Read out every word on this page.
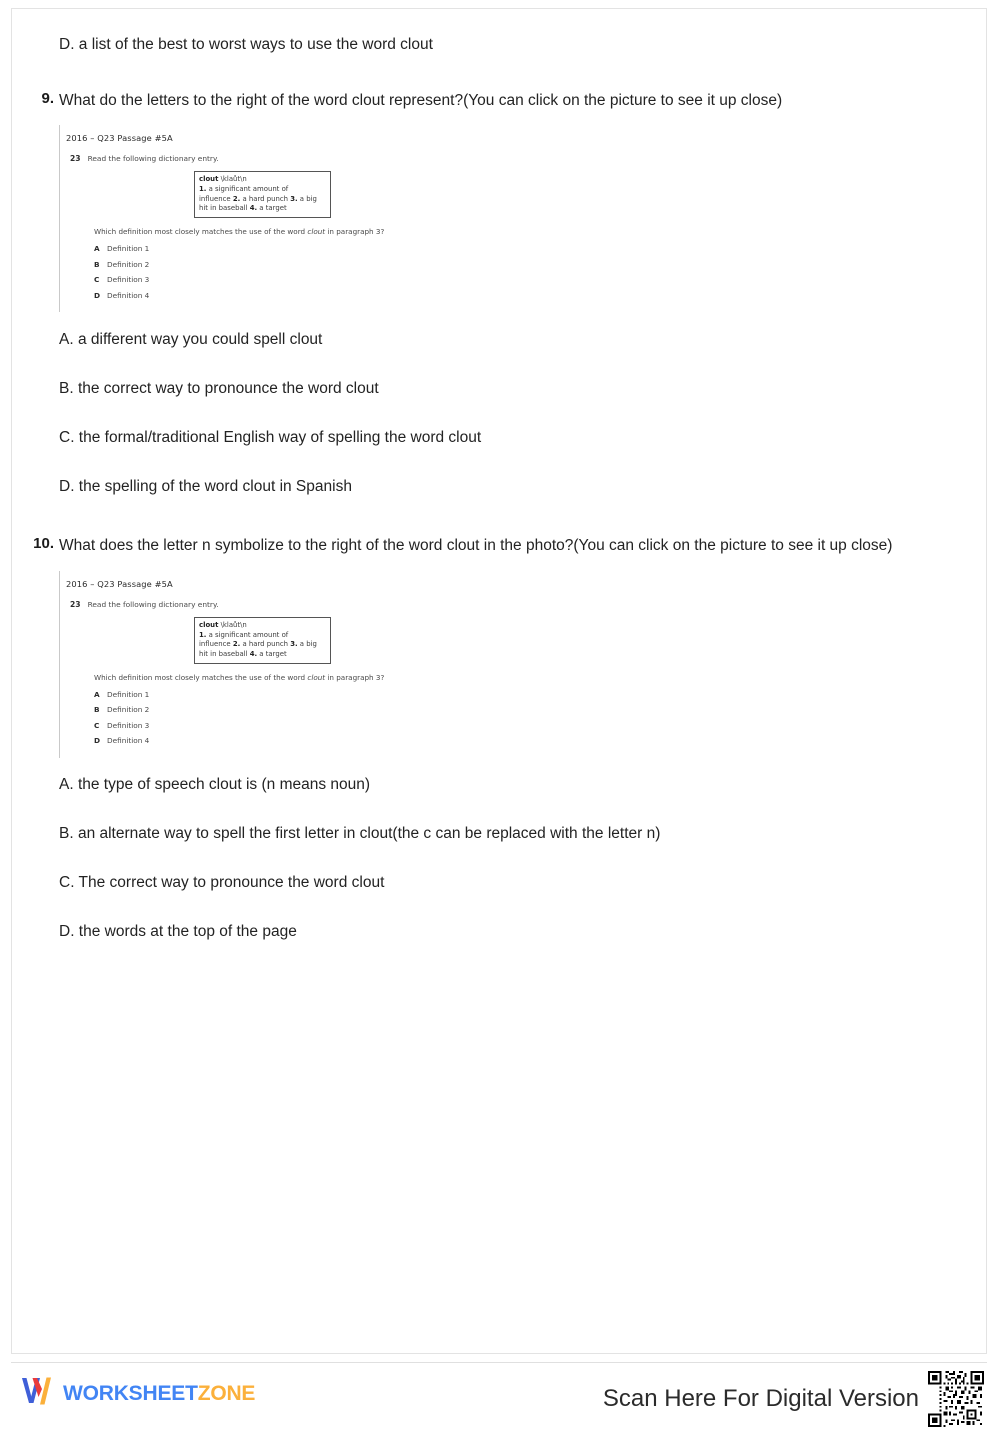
D. a list of the best to worst ways to use the word clout
9. What do the letters to the right of the word clout represent?(You can click on the picture to see it up close)
2016 – Q23 Passage #5A
23 Read the following dictionary entry.
clout \klaůt\n
1. a significant amount of
influence 2. a hard punch 3. a big
hit in baseball 4. a target
Which definition most closely matches the use of the word clout in paragraph 3?
A	Definition 1
B	Definition 2
C	Definition 3
D Definition 4
A. a different way you could spell clout
B. the correct way to pronounce the word clout
C. the formal/traditional English way of spelling the word clout
D. the spelling of the word clout in Spanish
10. What does the letter n symbolize to the right of the word clout in the photo?(You can click on the picture to see it up close)
2016 – Q23 Passage #5A
23 Read the following dictionary entry.
clout \klaůt\n
1. a significant amount of
influence 2. a hard punch 3. a big
hit in baseball 4. a target
Which definition most closely matches the use of the word clout in paragraph 3?
A	Definition 1
B	Definition 2
C	Definition 3
D Definition 4
A. the type of speech clout is (n means noun)
B. an alternate way to spell the first letter in clout(the c can be replaced with the letter n)
C. The correct way to pronounce the word clout
D. the words at the top of the page
WORKSHEETZONE	Scan Here For Digital Version
